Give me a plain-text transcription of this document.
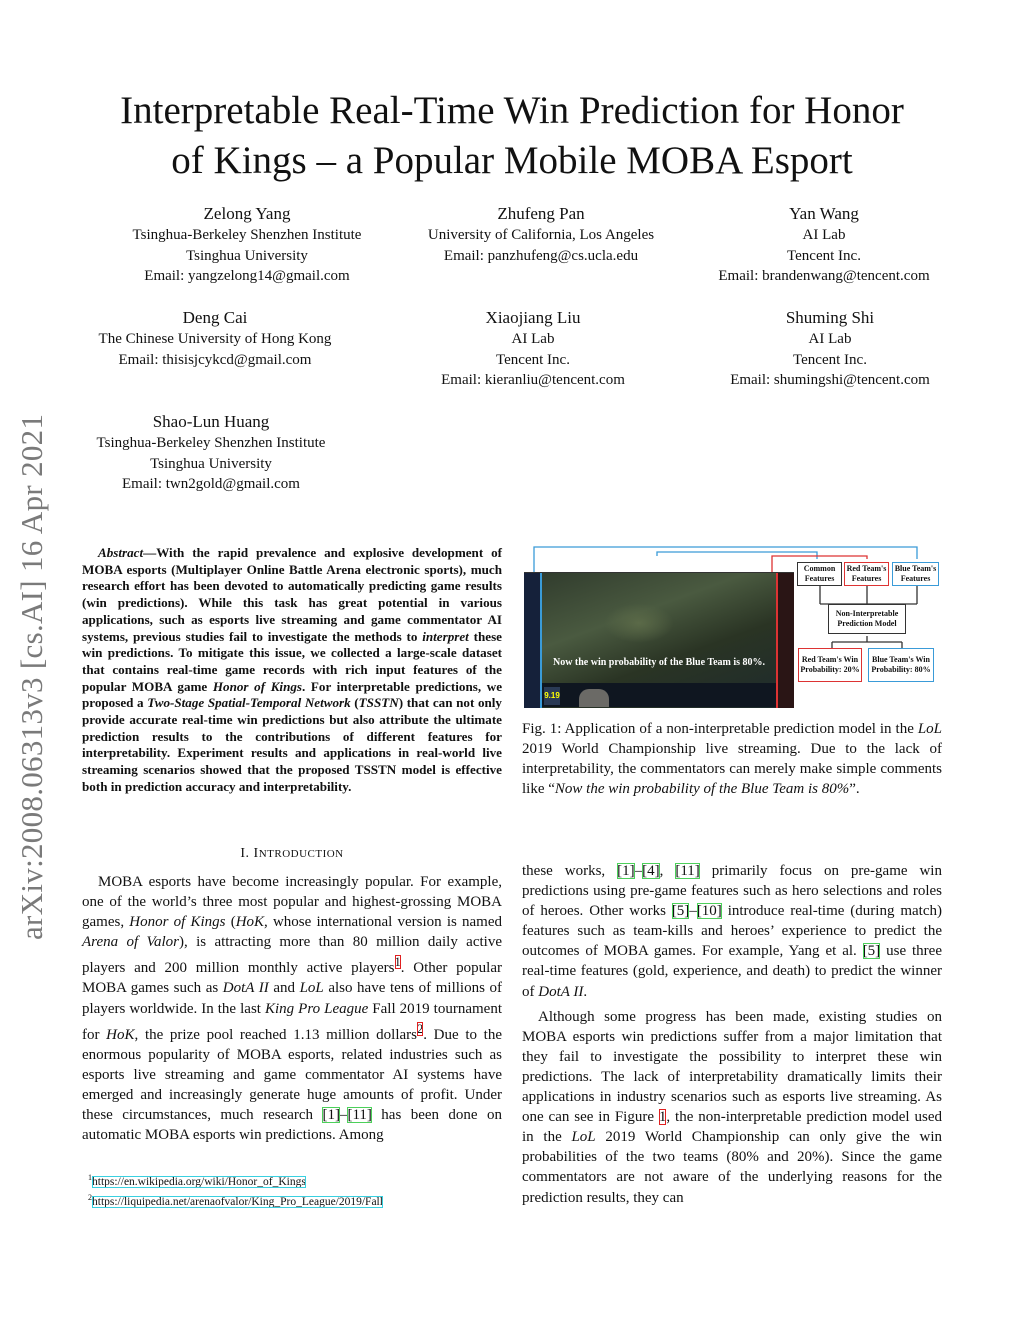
Interpretable Real-Time Win Prediction for Honor
of Kings – a Popular Mobile MOBA Esport
Zelong Yang
Tsinghua-Berkeley Shenzhen Institute
Tsinghua University
Email: yangzelong14@gmail.com
Zhufeng Pan
University of California, Los Angeles
Email: panzhufeng@cs.ucla.edu
Yan Wang
AI Lab
Tencent Inc.
Email: brandenwang@tencent.com
Deng Cai
The Chinese University of Hong Kong
Email: thisisjcykcd@gmail.com
Xiaojiang Liu
AI Lab
Tencent Inc.
Email: kieranliu@tencent.com
Shuming Shi
AI Lab
Tencent Inc.
Email: shumingshi@tencent.com
Shao-Lun Huang
Tsinghua-Berkeley Shenzhen Institute
Tsinghua University
Email: twn2gold@gmail.com
arXiv:2008.06313v3 [cs.AI] 16 Apr 2021	Abstract—With the rapid prevalence and explosive development of MOBA esports (Multiplayer Online Battle Arena electronic sports), much research effort has been devoted to automatically predicting game results (win predictions). While this task has great potential in various applications, such as esports live streaming and game commentator AI systems, previous studies fail to investigate the methods to interpret these win predictions. To mitigate this issue, we collected a large-scale dataset that contains real-time game records with rich input features of the popular MOBA game Honor of Kings. For interpretable predictions, we proposed a Two-Stage Spatial-Temporal Network (TSSTN) that can not only provide accurate real-time win predictions but also attribute the ultimate prediction results to the contributions of different features for interpretability. Experiment results and applications in real-world live streaming scenarios showed that the proposed TSSTN model is effective both in prediction accuracy and interpretability.
I. INTRODUCTION

MOBA esports have become increasingly popular. For example, one of the world’s three most popular and highest-grossing MOBA games, Honor of Kings (HoK, whose international version is named Arena of Valor), is attracting more than 80 million daily active players and 200 million monthly active players$^1$. Other popular MOBA games such as DotA II and LoL also have tens of millions of players worldwide. In the last King Pro League Fall 2019 tournament for HoK, the prize pool reached 1.13 million dollars$^2$. Due to the enormous popularity of MOBA esports, related industries such as esports live streaming and game commentator AI systems have emerged and increasingly generate huge amounts of profit. Under these circumstances, much research [1]–[11] has been done on automatic MOBA esports win predictions. Among

$^1$https://en.wikipedia.org/wiki/Honor_of_Kings
$^2$https://liquipedia.net/arenaofvalor/King_Pro_League/2019/Fall
9.19
Now the win probability of the Blue Team is 80%.
Common Features
Red Team's Features
Blue Team's Features
Non-Interpretable Prediction Model
Red Team's Win Probability: 20%
Blue Team's Win Probability: 80%
Fig. 1: Application of a non-interpretable prediction model in the LoL 2019 World Championship live streaming. Due to the lack of interpretability, the commentators can merely make simple comments like “Now the win probability of the Blue Team is 80%”.

these works, [1]–[4], [11] primarily focus on pre-game win predictions using pre-game features such as hero selections and roles of heroes. Other works [5]–[10] introduce real-time (during match) features such as team-kills and heroes’ experience to predict the outcomes of MOBA games. For example, Yang et al. [5] use three real-time features (gold, experience, and death) to predict the winner of DotA II.

Although some progress has been made, existing studies on MOBA esports win predictions suffer from a major limitation that they fail to investigate the possibility to interpret these win predictions. The lack of interpretability dramatically limits their applications in industry scenarios such as esports live streaming. As one can see in Figure 1, the non-interpretable prediction model used in the LoL 2019 World Championship can only give the win probabilities of the two teams (80% and 20%). Since the game commentators are not aware of the underlying reasons for the prediction results, they can
